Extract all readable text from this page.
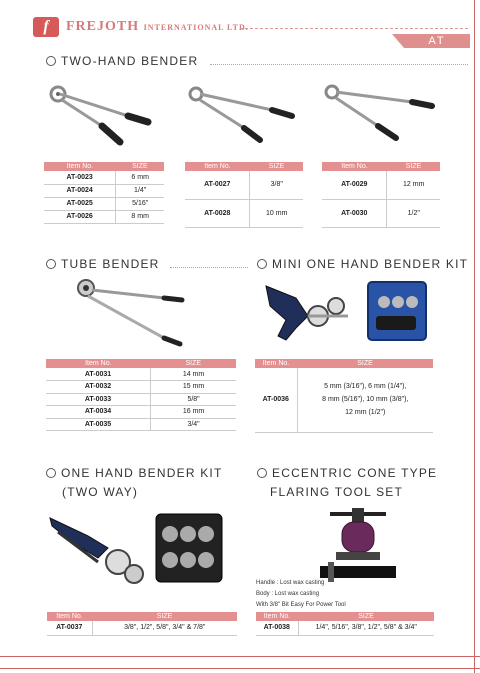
f	FREJOTH INTERNATIONAL LTD.
AT
TWO-HAND BENDER
Item No.	SIZE
AT-0023	6 mm
AT-0024	1/4"
AT-0025	5/16"
AT-0026	8 mm
Item No.	SIZE
AT-0027	3/8"
AT-0028	10 mm
Item No.	SIZE
AT-0029	12 mm
AT-0030	1/2"
TUBE BENDER
Item No.	SIZE
AT-0031	14 mm
AT-0032	15 mm
AT-0033	5/8"
AT-0034	16 mm
AT-0035	3/4"
MINI ONE HAND BENDER KIT
Item No.	SIZE
AT-0036	5 mm (3/16"), 6 mm (1/4"),
8 mm (5/16"), 10 mm (3/8"),
12 mm (1/2")
ONE HAND BENDER KIT
(TWO WAY)
Item No.	SIZE
AT-0037	3/8", 1/2", 5/8", 3/4" & 7/8"
ECCENTRIC CONE TYPE
FLARING TOOL SET
Handle : Lost wax casting
Body : Lost wax casting
With 3/8" Bit Easy For Power Tool
Item No.	SIZE
AT-0038	1/4", 5/16", 3/8", 1/2", 5/8" & 3/4"
